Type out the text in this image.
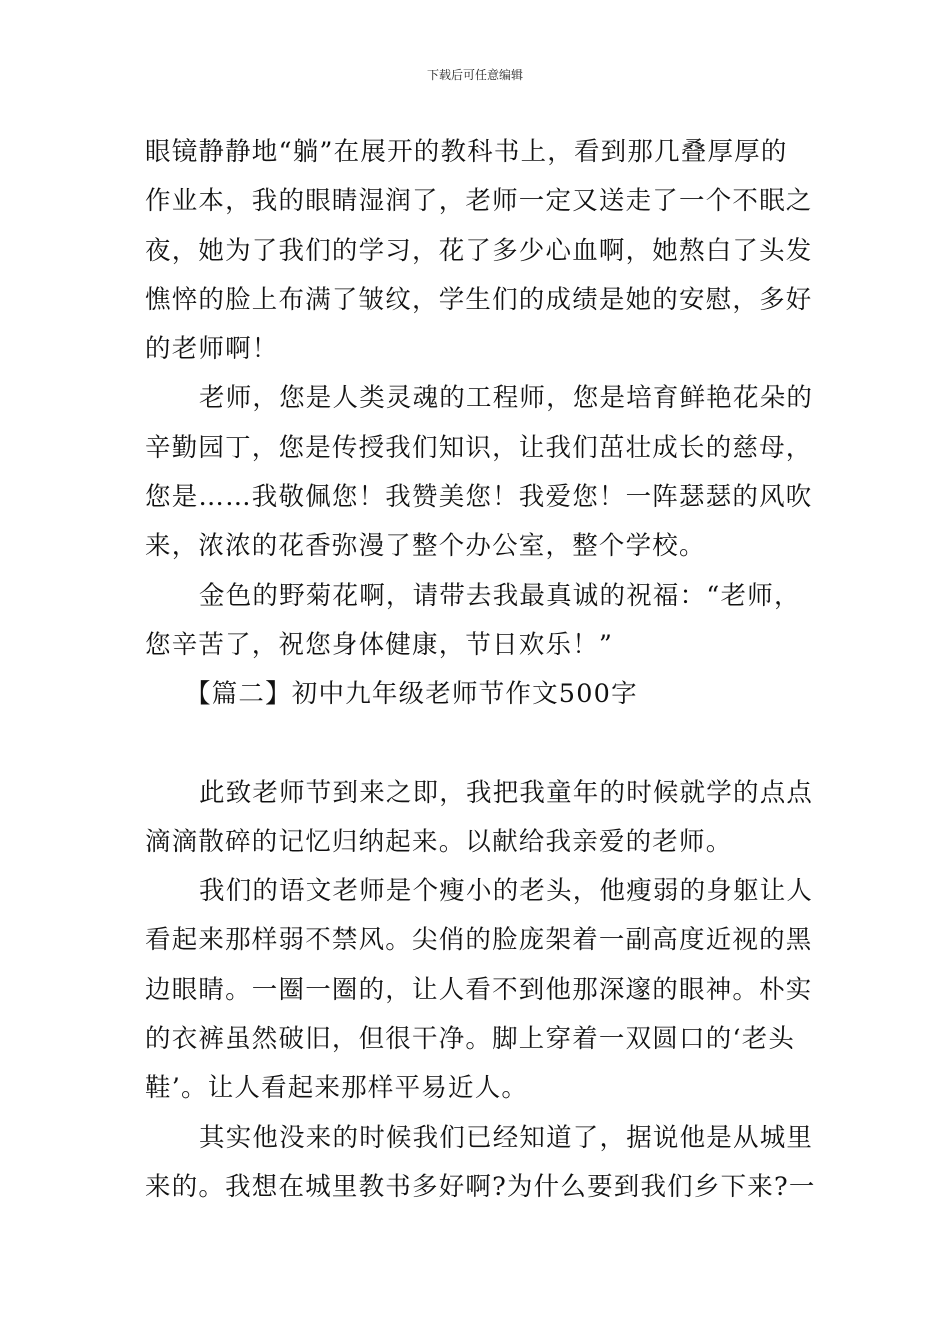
下载后可任意编辑
眼镜静静地“躺”在展开的教科书上，看到那几叠厚厚的
作业本，我的眼睛湿润了，老师一定又送走了一个不眠之
夜，她为了我们的学习，花了多少心血啊，她熬白了头发
憔悴的脸上布满了皱纹，学生们的成绩是她的安慰，多好
的老师啊！
老师，您是人类灵魂的工程师，您是培育鲜艳花朵的
辛勤园丁，您是传授我们知识，让我们茁壮成长的慈母，
您是……我敬佩您！我赞美您！我爱您！一阵瑟瑟的风吹
来，浓浓的花香弥漫了整个办公室，整个学校。
金色的野菊花啊，请带去我最真诚的祝福：“老师，
您辛苦了，祝您身体健康，节日欢乐！”
【篇二】初中九年级老师节作文500字
此致老师节到来之即，我把我童年的时候就学的点点
滴滴散碎的记忆归纳起来。以献给我亲爱的老师。
我们的语文老师是个瘦小的老头，他瘦弱的身躯让人
看起来那样弱不禁风。尖俏的脸庞架着一副高度近视的黑
边眼睛。一圈一圈的，让人看不到他那深邃的眼神。朴实
的衣裤虽然破旧，但很干净。脚上穿着一双圆口的‘老头
鞋’。让人看起来那样平易近人。
其实他没来的时候我们已经知道了，据说他是从城里
来的。我想在城里教书多好啊?为什么要到我们乡下来?一
